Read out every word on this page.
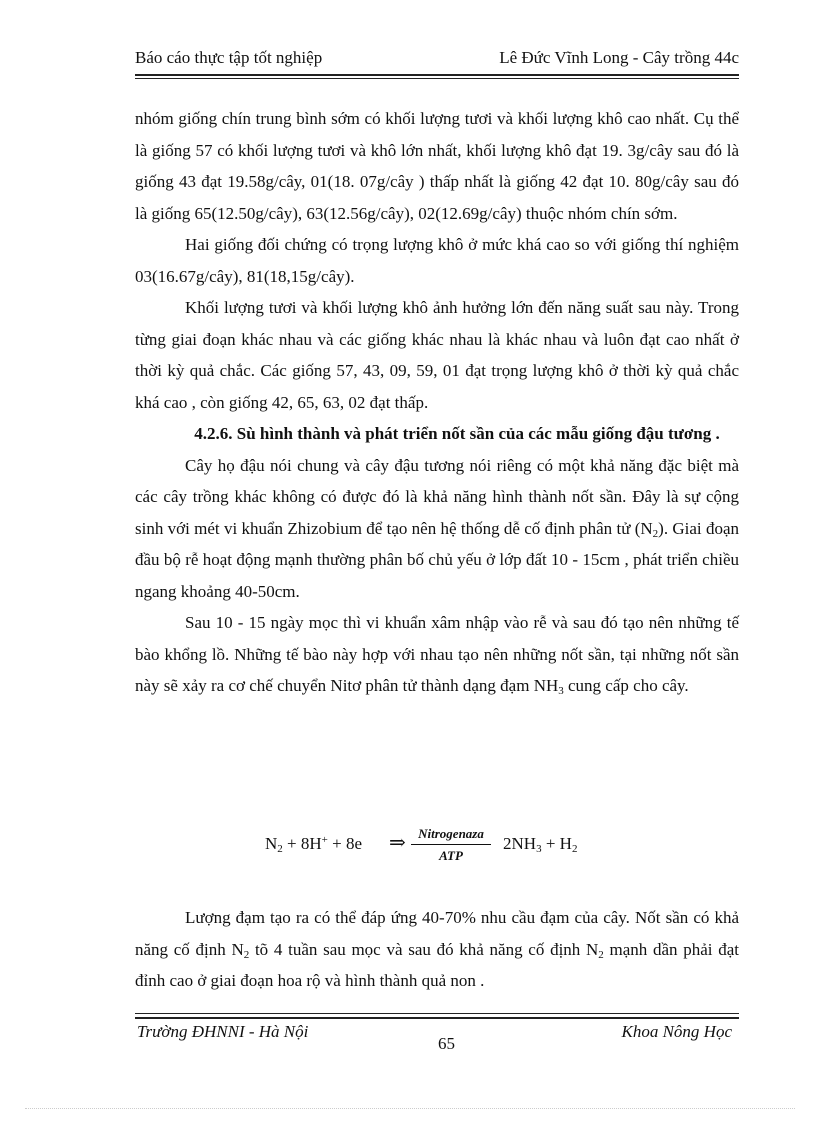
Báo cáo thực tập tốt nghiệp	Lê Đức Vĩnh Long - Cây trồng 44c

nhóm giống chín trung bình sớm có khối lượng tươi và khối lượng khô cao nhất. Cụ thể là giống 57 có khối lượng tươi và khô lớn nhất, khối lượng khô đạt 19. 3g/cây sau đó là giống 43 đạt 19.58g/cây, 01(18. 07g/cây ) thấp nhất là giống 42 đạt 10. 80g/cây sau đó là giống 65(12.50g/cây), 63(12.56g/cây), 02(12.69g/cây) thuộc nhóm chín sớm.

Hai giống đối chứng có trọng lượng khô ở mức khá cao so với giống thí nghiệm 03(16.67g/cây), 81(18,15g/cây).

Khối lượng tươi và khối lượng khô ảnh hưởng lớn đến năng suất sau này. Trong từng giai đoạn khác nhau và các giống khác nhau là khác nhau và luôn đạt cao nhất ở thời kỳ quả chắc. Các giống 57, 43, 09, 59, 01 đạt trọng lượng khô ở thời kỳ quả chắc khá cao , còn giống 42, 65, 63, 02 đạt thấp.

4.2.6. Sù hình thành và phát triển nốt sần của các mẫu giống đậu tương .

Cây họ đậu nói chung và cây đậu tương nói riêng có một khả năng đặc biệt mà các cây trồng khác không có được đó là khả năng hình thành nốt sần. Đây là sự cộng sinh với mét vi khuẩn Zhizobium để tạo nên hệ thống dễ cố định phân tử $(N_2)$. Giai đoạn đầu bộ rễ hoạt động mạnh thường phân bố chủ yếu ở lớp đất 10 - 15cm , phát triển chiều ngang khoảng 40-50cm.

Sau 10 - 15 ngày mọc thì vi khuẩn xâm nhập vào rễ và sau đó tạo nên những tế bào khổng lồ. Những tế bào này hợp với nhau tạo nên những nốt sần, tại những nốt sần này sẽ xảy ra cơ chế chuyển Nitơ phân tử thành dạng đạm $NH_3$ cung cấp cho cây.

$N_2 + 8H^+ + 8e$ ⇒ Nitrogenaza
ATP
$2NH_3 + H_2$

Lượng đạm tạo ra có thể đáp ứng 40-70% nhu cầu đạm của cây. Nốt sần có khả năng cố định $N_2$ tõ 4 tuần sau mọc và sau đó khả năng cố định $N_2$ mạnh dần phải đạt đỉnh cao ở giai đoạn hoa rộ và hình thành quả non .

Trường ĐHNNI - Hà Nội	Khoa Nông Học
65
